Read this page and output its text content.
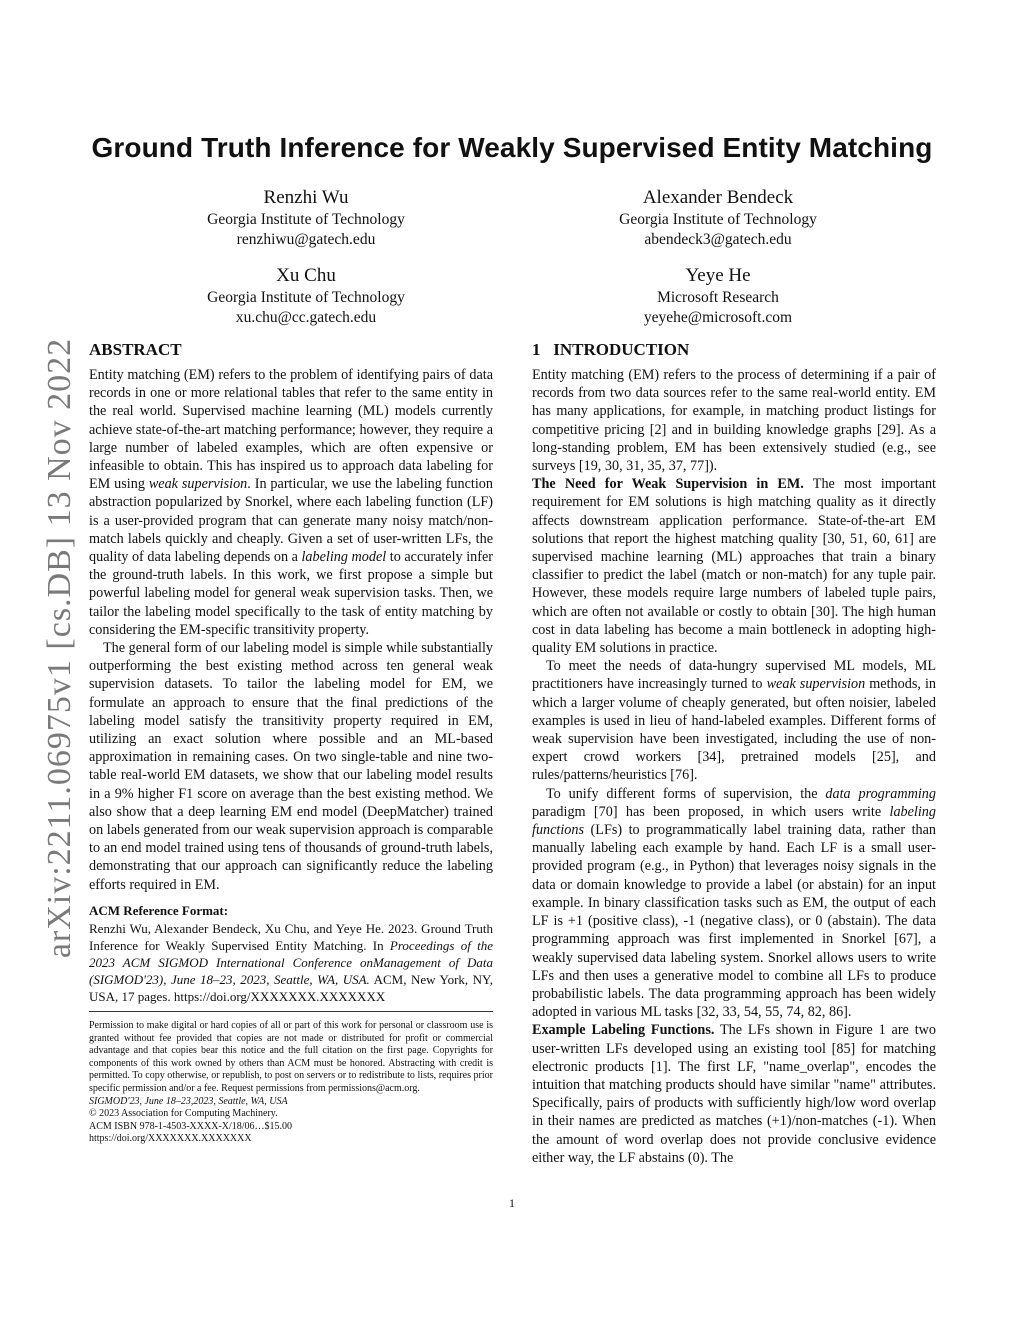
arXiv:2211.06975v1 [cs.DB] 13 Nov 2022
Ground Truth Inference for Weakly Supervised Entity Matching
Renzhi Wu
Georgia Institute of Technology
renzhiwu@gatech.edu
Alexander Bendeck
Georgia Institute of Technology
abendeck3@gatech.edu
Xu Chu
Georgia Institute of Technology
xu.chu@cc.gatech.edu
Yeye He
Microsoft Research
yeyehe@microsoft.com
ABSTRACT

Entity matching (EM) refers to the problem of identifying pairs of data records in one or more relational tables that refer to the same entity in the real world. Supervised machine learning (ML) models currently achieve state-of-the-art matching performance; however, they require a large number of labeled examples, which are often expensive or infeasible to obtain. This has inspired us to approach data labeling for EM using weak supervision. In particular, we use the labeling function abstraction popularized by Snorkel, where each labeling function (LF) is a user-provided program that can generate many noisy match/non-match labels quickly and cheaply. Given a set of user-written LFs, the quality of data labeling depends on a labeling model to accurately infer the ground-truth labels. In this work, we first propose a simple but powerful labeling model for general weak supervision tasks. Then, we tailor the labeling model specifically to the task of entity matching by considering the EM-specific transitivity property.

The general form of our labeling model is simple while substantially outperforming the best existing method across ten general weak supervision datasets. To tailor the labeling model for EM, we formulate an approach to ensure that the final predictions of the labeling model satisfy the transitivity property required in EM, utilizing an exact solution where possible and an ML-based approximation in remaining cases. On two single-table and nine two-table real-world EM datasets, we show that our labeling model results in a 9% higher F1 score on average than the best existing method. We also show that a deep learning EM end model (DeepMatcher) trained on labels generated from our weak supervision approach is comparable to an end model trained using tens of thousands of ground-truth labels, demonstrating that our approach can significantly reduce the labeling efforts required in EM.

ACM Reference Format:

Renzhi Wu, Alexander Bendeck, Xu Chu, and Yeye He. 2023. Ground Truth Inference for Weakly Supervised Entity Matching. In Proceedings of the 2023 ACM SIGMOD International Conference onManagement of Data (SIGMOD'23), June 18–23, 2023, Seattle, WA, USA. ACM, New York, NY, USA, 17 pages. https://doi.org/XXXXXXX.XXXXXXX

Permission to make digital or hard copies of all or part of this work for personal or classroom use is granted without fee provided that copies are not made or distributed for profit or commercial advantage and that copies bear this notice and the full citation on the first page. Copyrights for components of this work owned by others than ACM must be honored. Abstracting with credit is permitted. To copy otherwise, or republish, to post on servers or to redistribute to lists, requires prior specific permission and/or a fee. Request permissions from permissions@acm.org.

SIGMOD'23, June 18–23,2023, Seattle, WA, USA

© 2023 Association for Computing Machinery.

ACM ISBN 978-1-4503-XXXX-X/18/06…$15.00

https://doi.org/XXXXXXX.XXXXXXX

1   INTRODUCTION

Entity matching (EM) refers to the process of determining if a pair of records from two data sources refer to the same real-world entity. EM has many applications, for example, in matching product listings for competitive pricing [2] and in building knowledge graphs [29]. As a long-standing problem, EM has been extensively studied (e.g., see surveys [19, 30, 31, 35, 37, 77]).

The Need for Weak Supervision in EM. The most important requirement for EM solutions is high matching quality as it directly affects downstream application performance. State-of-the-art EM solutions that report the highest matching quality [30, 51, 60, 61] are supervised machine learning (ML) approaches that train a binary classifier to predict the label (match or non-match) for any tuple pair. However, these models require large numbers of labeled tuple pairs, which are often not available or costly to obtain [30]. The high human cost in data labeling has become a main bottleneck in adopting high-quality EM solutions in practice.

To meet the needs of data-hungry supervised ML models, ML practitioners have increasingly turned to weak supervision methods, in which a larger volume of cheaply generated, but often noisier, labeled examples is used in lieu of hand-labeled examples. Different forms of weak supervision have been investigated, including the use of non-expert crowd workers [34], pretrained models [25], and rules/patterns/heuristics [76].

To unify different forms of supervision, the data programming paradigm [70] has been proposed, in which users write labeling functions (LFs) to programmatically label training data, rather than manually labeling each example by hand. Each LF is a small user-provided program (e.g., in Python) that leverages noisy signals in the data or domain knowledge to provide a label (or abstain) for an input example. In binary classification tasks such as EM, the output of each LF is +1 (positive class), -1 (negative class), or 0 (abstain). The data programming approach was first implemented in Snorkel [67], a weakly supervised data labeling system. Snorkel allows users to write LFs and then uses a generative model to combine all LFs to produce probabilistic labels. The data programming approach has been widely adopted in various ML tasks [32, 33, 54, 55, 74, 82, 86].

Example Labeling Functions. The LFs shown in Figure 1 are two user-written LFs developed using an existing tool [85] for matching electronic products [1]. The first LF, "name_overlap", encodes the intuition that matching products should have similar "name" attributes. Specifically, pairs of products with sufficiently high/low word overlap in their names are predicted as matches (+1)/non-matches (-1). When the amount of word overlap does not provide conclusive evidence either way, the LF abstains (0). The

1
